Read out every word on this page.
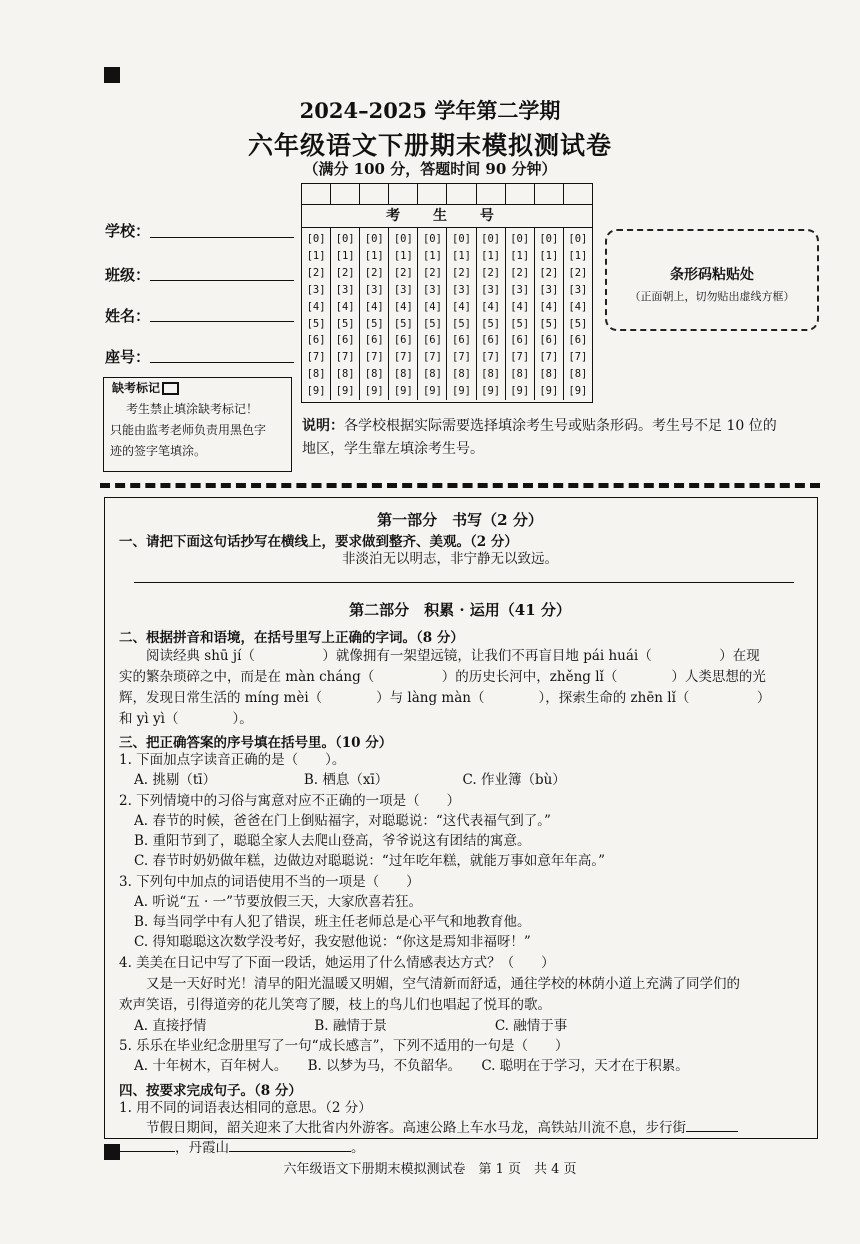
2024–2025 学年第二学期
六年级语文下册期末模拟测试卷
（满分 100 分，答题时间 90 分钟）
学校：
班级：
姓名：
座号：
缺考标记

考生禁止填涂缺考标记！

只能由监考老师负责用黑色字

迹的签字笔填涂。

考 生 号
[0]
[1]
[2]
[3]
[4]
[5]
[6]
[7]
[8]
[9]
[0]
[1]
[2]
[3]
[4]
[5]
[6]
[7]
[8]
[9]
[0]
[1]
[2]
[3]
[4]
[5]
[6]
[7]
[8]
[9]
[0]
[1]
[2]
[3]
[4]
[5]
[6]
[7]
[8]
[9]
[0]
[1]
[2]
[3]
[4]
[5]
[6]
[7]
[8]
[9]
[0]
[1]
[2]
[3]
[4]
[5]
[6]
[7]
[8]
[9]
[0]
[1]
[2]
[3]
[4]
[5]
[6]
[7]
[8]
[9]
[0]
[1]
[2]
[3]
[4]
[5]
[6]
[7]
[8]
[9]
[0]
[1]
[2]
[3]
[4]
[5]
[6]
[7]
[8]
[9]
[0]
[1]
[2]
[3]
[4]
[5]
[6]
[7]
[8]
[9]
条形码粘贴处
（正面朝上，切勿贴出虚线方框）
说明：各学校根据实际需要选择填涂考生号或贴条形码。考生号不足 10 位的
地区，学生靠左填涂考生号。
第一部分　书写（2 分）
一、请把下面这句话抄写在横线上，要求做到整齐、美观。（2 分）
非淡泊无以明志，非宁静无以致远。
第二部分　积累 · 运用（41 分）
二、根据拼音和语境，在括号里写上正确的字词。（8 分）
阅读经典 shū jí（　　　　　）就像拥有一架望远镜，让我们不再盲目地 pái huái（　　　　　）在现
实的繁杂琐碎之中，而是在 màn cháng（　　　　　）的历史长河中，zhěng lǐ（　　　　）人类思想的光
辉，发现日常生活的 míng mèi（　　　　）与 làng màn（　　　　），探索生命的 zhēn lǐ（　　　　　）
和 yì yì（　　　　）。
三、把正确答案的序号填在括号里。（10 分）
1. 下面加点字读音正确的是（　　）。
A. 挑剔（tī）　　　　　　　B. 栖息（xī）　　　　　　C. 作业簿（bù）
2. 下列情境中的习俗与寓意对应不正确的一项是（　　）
A. 春节的时候，爸爸在门上倒贴福字，对聪聪说：“这代表福气到了。”
B. 重阳节到了，聪聪全家人去爬山登高，爷爷说这有团结的寓意。
C. 春节时奶奶做年糕，边做边对聪聪说：“过年吃年糕，就能万事如意年年高。”
3. 下列句中加点的词语使用不当的一项是（　　）
A. 听说“五 · 一”节要放假三天，大家欣喜若狂。
B. 每当同学中有人犯了错误，班主任老师总是心平气和地教育他。
C. 得知聪聪这次数学没考好，我安慰他说：“你这是焉知非福呀！”
4. 美美在日记中写了下面一段话，她运用了什么情感表达方式？（　　）
又是一天好时光！清早的阳光温暖又明媚，空气清新而舒适，通往学校的林荫小道上充满了同学们的
欢声笑语，引得道旁的花儿笑弯了腰，枝上的鸟儿们也唱起了悦耳的歌。
A. 直接抒情　　　　　　　　B. 融情于景　　　　　　　　C. 融情于事
5. 乐乐在毕业纪念册里写了一句“成长感言”，下列不适用的一句是（　　）
A. 十年树木，百年树人。　　B. 以梦为马，不负韶华。　　C. 聪明在于学习，天才在于积累。
四、按要求完成句子。（8 分）
1. 用不同的词语表达相同的意思。（2 分）
节假日期间，韶关迎来了大批省内外游客。高速公路上车水马龙，高铁站川流不息，步行街
，丹霞山	。
六年级语文下册期末模拟测试卷　第 1 页　共 4 页
